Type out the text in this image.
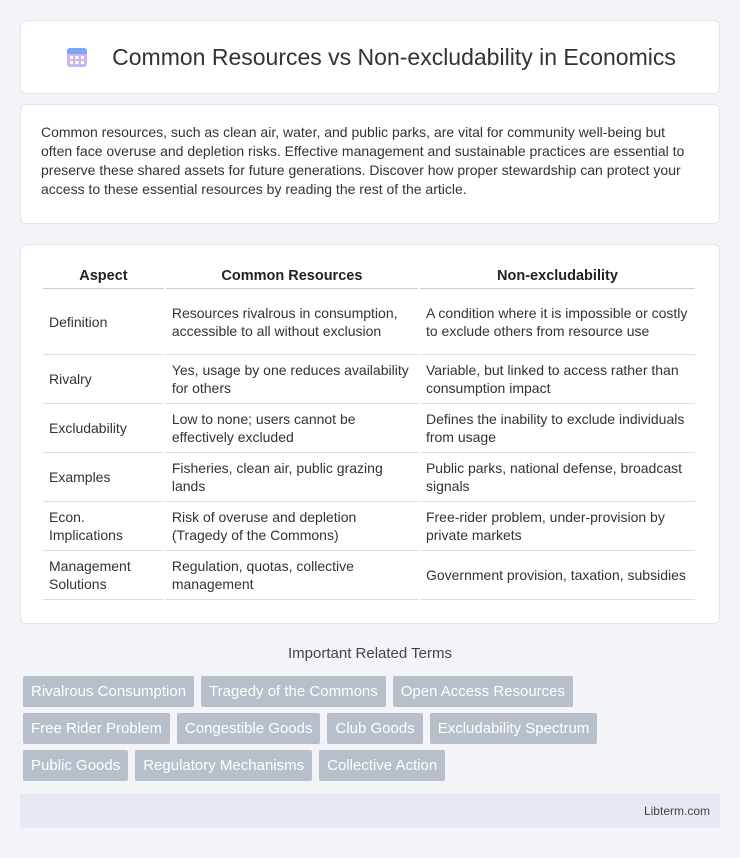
Common Resources vs Non-excludability in Economics

Common resources, such as clean air, water, and public parks, are vital for community well-being but often face overuse and depletion risks. Effective management and sustainable practices are essential to preserve these shared assets for future generations. Discover how proper stewardship can protect your access to these essential resources by reading the rest of the article.

Aspect	Common Resources	Non-excludability
Definition	Resources rivalrous in consumption, accessible to all without exclusion	A condition where it is impossible or costly to exclude others from resource use
Rivalry	Yes, usage by one reduces availability for others	Variable, but linked to access rather than consumption impact
Excludability	Low to none; users cannot be effectively excluded	Defines the inability to exclude individuals from usage
Examples	Fisheries, clean air, public grazing lands	Public parks, national defense, broadcast signals
Econ. Implications	Risk of overuse and depletion (Tragedy of the Commons)	Free-rider problem, under-provision by private markets
Management Solutions	Regulation, quotas, collective management	Government provision, taxation, subsidies
Important Related Terms
Rivalrous Consumption	Tragedy of the Commons	Open Access Resources
Free Rider Problem	Congestible Goods	Club Goods	Excludability Spectrum
Public Goods	Regulatory Mechanisms	Collective Action
Libterm.com
